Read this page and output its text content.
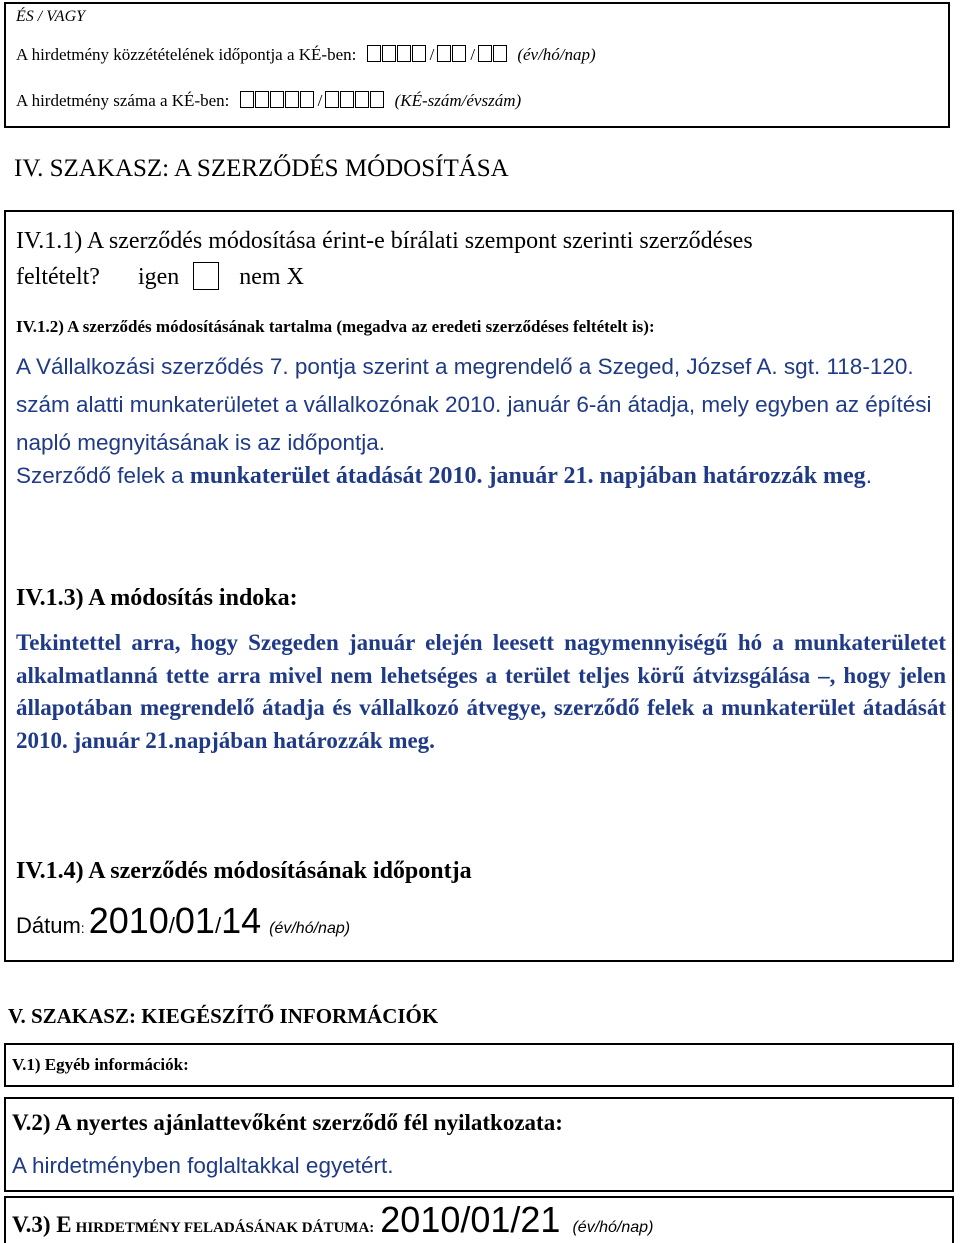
ÉS / VAGY
A hirdetmény közzétételének időpontja a KÉ-ben:	/ / (év/hó/nap)
A hirdetmény száma a KÉ-ben:	/	(KÉ-szám/évszám)
IV. SZAKASZ: A SZERZŐDÉS MÓDOSÍTÁSA
IV.1.1) A szerződés módosítása érint-e bírálati szempont szerinti szerződéses
feltételt? igen	nem X
IV.1.2) A szerződés módosításának tartalma (megadva az eredeti szerződéses feltételt is):
A Vállalkozási szerződés 7. pontja szerint a megrendelő a Szeged, József A. sgt. 118-120. szám alatti munkaterületet a vállalkozónak 2010. január 6-án átadja, mely egyben az építési napló megnyitásának is az időpontja.
Szerződő felek a munkaterület átadását 2010. január 21. napjában határozzák meg.
IV.1.3) A módosítás indoka:
Tekintettel arra, hogy Szegeden január elején leesett nagymennyiségű hó a munkaterületet alkalmatlanná tette arra mivel nem lehetséges a terület teljes körű átvizsgálása –, hogy jelen állapotában megrendelő átadja és vállalkozó átvegye, szerződő felek a munkaterület átadását 2010. január 21.napjában határozzák meg.
IV.1.4) A szerződés módosításának időpontja
Dátum: 2010/01/14 (év/hó/nap)
V. SZAKASZ: KIEGÉSZÍTŐ INFORMÁCIÓK
V.1) Egyéb információk:
V.2) A nyertes ajánlattevőként szerződő fél nyilatkozata:
A hirdetményben foglaltakkal egyetért.
V.3) E HIRDETMÉNY FELADÁSÁNAK DÁTUMA: 2010/01/21 (év/hó/nap)
